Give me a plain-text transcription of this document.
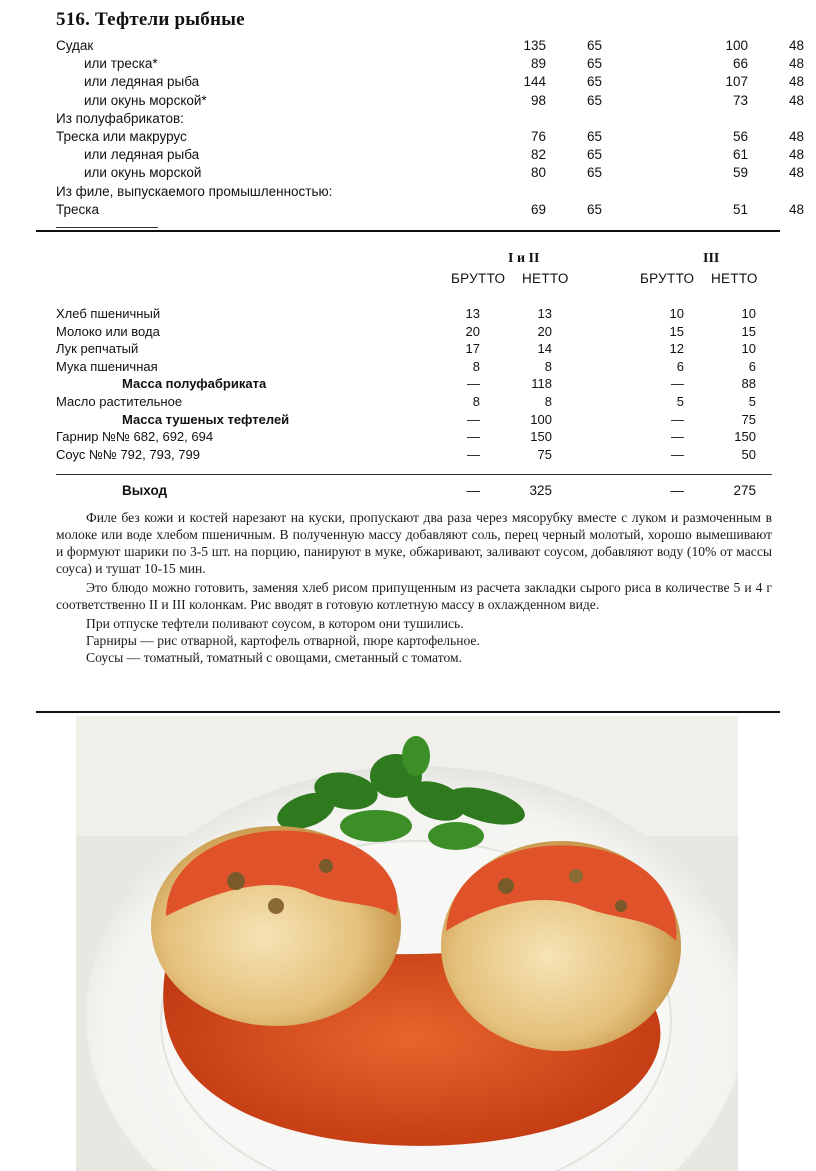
516. Тефтели рыбные
Судак	135	65	100	48
или треска*	89	65	66	48
или ледяная рыба	144	65	107	48
или окунь морской*	98	65	73	48
Из полуфабрикатов:
Треска или макрурус	76	65	56	48
или ледяная рыба	82	65	61	48
или окунь морской	80	65	59	48
Из филе, выпускаемого промышленностью:
Треска	69	65	51	48
I и II	III
БРУТТО НЕТТО	БРУТТО НЕТТО
Хлеб пшеничный	13	13	10	10
Молоко или вода	20	20	15	15
Лук репчатый	17	14	12	10
Мука пшеничная	8	8	6	6
Масса полуфабриката	—	118	—	88
Масло растительное	8	8	5	5
Масса тушеных тефтелей	—	100	—	75
Гарнир №№ 682, 692, 694	—	150	—	150
Соус №№ 792, 793, 799	—	75	—	50
Выход	—	325	—	275

Филе без кожи и костей нарезают на куски, пропускают два раза через мясорубку вместе с луком и размоченным в молоке или воде хлебом пшеничным. В полученную массу добавляют соль, перец черный молотый, хорошо вымешивают и формуют шарики по 3-5 шт. на порцию, панируют в муке, обжаривают, заливают соусом, добавляют воду (10% от массы соуса) и тушат 10-15 мин.

Это блюдо можно готовить, заменяя хлеб рисом припущенным из расчета закладки сырого риса в количестве 5 и 4 г соответственно II и III колонкам. Рис вводят в готовую котлетную массу в охлажденном виде.

При отпуске тефтели поливают соусом, в котором они тушились.

Гарниры — рис отварной, картофель отварной, пюре картофельное.

Соусы — томатный, томатный с овощами, сметанный с томатом.
